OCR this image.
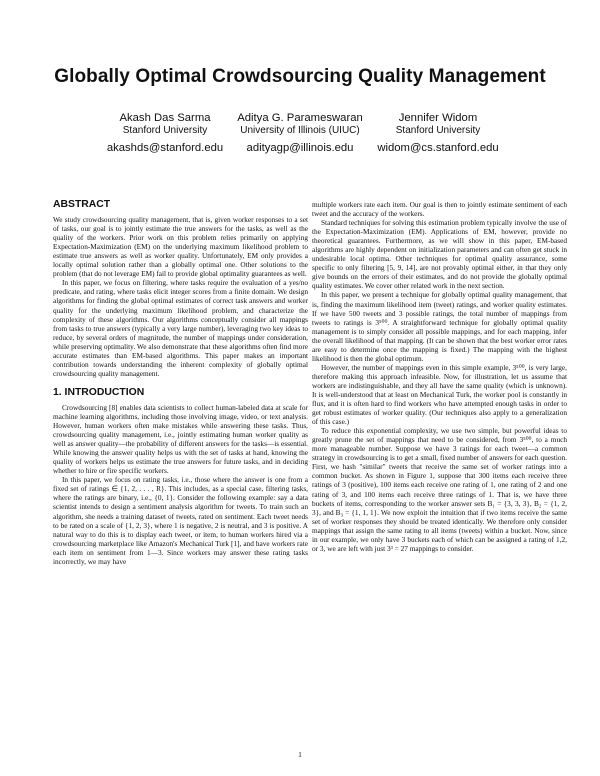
Globally Optimal Crowdsourcing Quality Management
Akash Das Sarma
Stanford University
akashds@stanford.edu
Aditya G. Parameswaran
University of Illinois (UIUC)
adityagp@illinois.edu
Jennifer Widom
Stanford University
widom@cs.stanford.edu
ABSTRACT

We study crowdsourcing quality management, that is, given worker responses to a set of tasks, our goal is to jointly estimate the true answers for the tasks, as well as the quality of the workers. Prior work on this problem relies primarily on applying Expectation-Maximization (EM) on the underlying maximum likelihood problem to estimate true answers as well as worker quality. Unfortunately, EM only provides a locally optimal solution rather than a globally optimal one. Other solutions to the problem (that do not leverage EM) fail to provide global optimality guarantees as well.

In this paper, we focus on filtering, where tasks require the evaluation of a yes/no predicate, and rating, where tasks elicit integer scores from a finite domain. We design algorithms for finding the global optimal estimates of correct task answers and worker quality for the underlying maximum likelihood problem, and characterize the complexity of these algorithms. Our algorithms conceptually consider all mappings from tasks to true answers (typically a very large number), leveraging two key ideas to reduce, by several orders of magnitude, the number of mappings under consideration, while preserving optimality. We also demonstrate that these algorithms often find more accurate estimates than EM-based algorithms. This paper makes an important contribution towards understanding the inherent complexity of globally optimal crowdsourcing quality management.

1. INTRODUCTION

Crowdsourcing [8] enables data scientists to collect human-labeled data at scale for machine learning algorithms, including those involving image, video, or text analysis. However, human workers often make mistakes while answering these tasks. Thus, crowdsourcing quality management, i.e., jointly estimating human worker quality as well as answer quality—the probability of different answers for the tasks—is essential. While knowing the answer quality helps us with the set of tasks at hand, knowing the quality of workers helps us estimate the true answers for future tasks, and in deciding whether to hire or fire specific workers.

In this paper, we focus on rating tasks, i.e., those where the answer is one from a fixed set of ratings ∈ {1, 2, . . . , R}. This includes, as a special case, filtering tasks, where the ratings are binary, i.e., {0, 1}. Consider the following example: say a data scientist intends to design a sentiment analysis algorithm for tweets. To train such an algorithm, she needs a training dataset of tweets, rated on sentiment. Each tweet needs to be rated on a scale of {1, 2, 3}, where 1 is negative, 2 is neutral, and 3 is positive. A natural way to do this is to display each tweet, or item, to human workers hired via a crowdsourcing marketplace like Amazon's Mechanical Turk [1], and have workers rate each item on sentiment from 1—3. Since workers may answer these rating tasks incorrectly, we may have

multiple workers rate each item. Our goal is then to jointly estimate sentiment of each tweet and the accuracy of the workers.

Standard techniques for solving this estimation problem typically involve the use of the Expectation-Maximization (EM). Applications of EM, however, provide no theoretical guarantees. Furthermore, as we will show in this paper, EM-based algorithms are highly dependent on initialization parameters and can often get stuck in undesirable local optima. Other techniques for optimal quality assurance, some specific to only filtering [5, 9, 14], are not provably optimal either, in that they only give bounds on the errors of their estimates, and do not provide the globally optimal quality estimates. We cover other related work in the next section.

In this paper, we present a technique for globally optimal quality management, that is, finding the maximum likelihood item (tweet) ratings, and worker quality estimates. If we have 500 tweets and 3 possible ratings, the total number of mappings from tweets to ratings is 3⁵⁰⁰. A straightforward technique for globally optimal quality management is to simply consider all possible mappings, and for each mapping, infer the overall likelihood of that mapping. (It can be shown that the best worker error rates are easy to determine once the mapping is fixed.) The mapping with the highest likelihood is then the global optimum.

However, the number of mappings even in this simple example, 3⁵⁰⁰, is very large, therefore making this approach infeasible. Now, for illustration, let us assume that workers are indistinguishable, and they all have the same quality (which is unknown). It is well-understood that at least on Mechanical Turk, the worker pool is constantly in flux, and it is often hard to find workers who have attempted enough tasks in order to get robust estimates of worker quality. (Our techniques also apply to a generalization of this case.)

To reduce this exponential complexity, we use two simple, but powerful ideas to greatly prune the set of mappings that need to be considered, from 3⁵⁰⁰, to a much more manageable number. Suppose we have 3 ratings for each tweet—a common strategy in crowdsourcing is to get a small, fixed number of answers for each question. First, we hash "similar" tweets that receive the same set of worker ratings into a common bucket. As shown in Figure 1, suppose that 300 items each receive three ratings of 3 (positive), 100 items each receive one rating of 1, one rating of 2 and one rating of 3, and 100 items each receive three ratings of 1. That is, we have three buckets of items, corresponding to the worker answer sets B₁ = {3, 3, 3}, B₂ = {1, 2, 3}, and B₃ = {1, 1, 1}. We now exploit the intuition that if two items receive the same set of worker responses they should be treated identically. We therefore only consider mappings that assign the same rating to all items (tweets) within a bucket. Now, since in our example, we only have 3 buckets each of which can be assigned a rating of 1,2, or 3, we are left with just 3³ = 27 mappings to consider.

1
